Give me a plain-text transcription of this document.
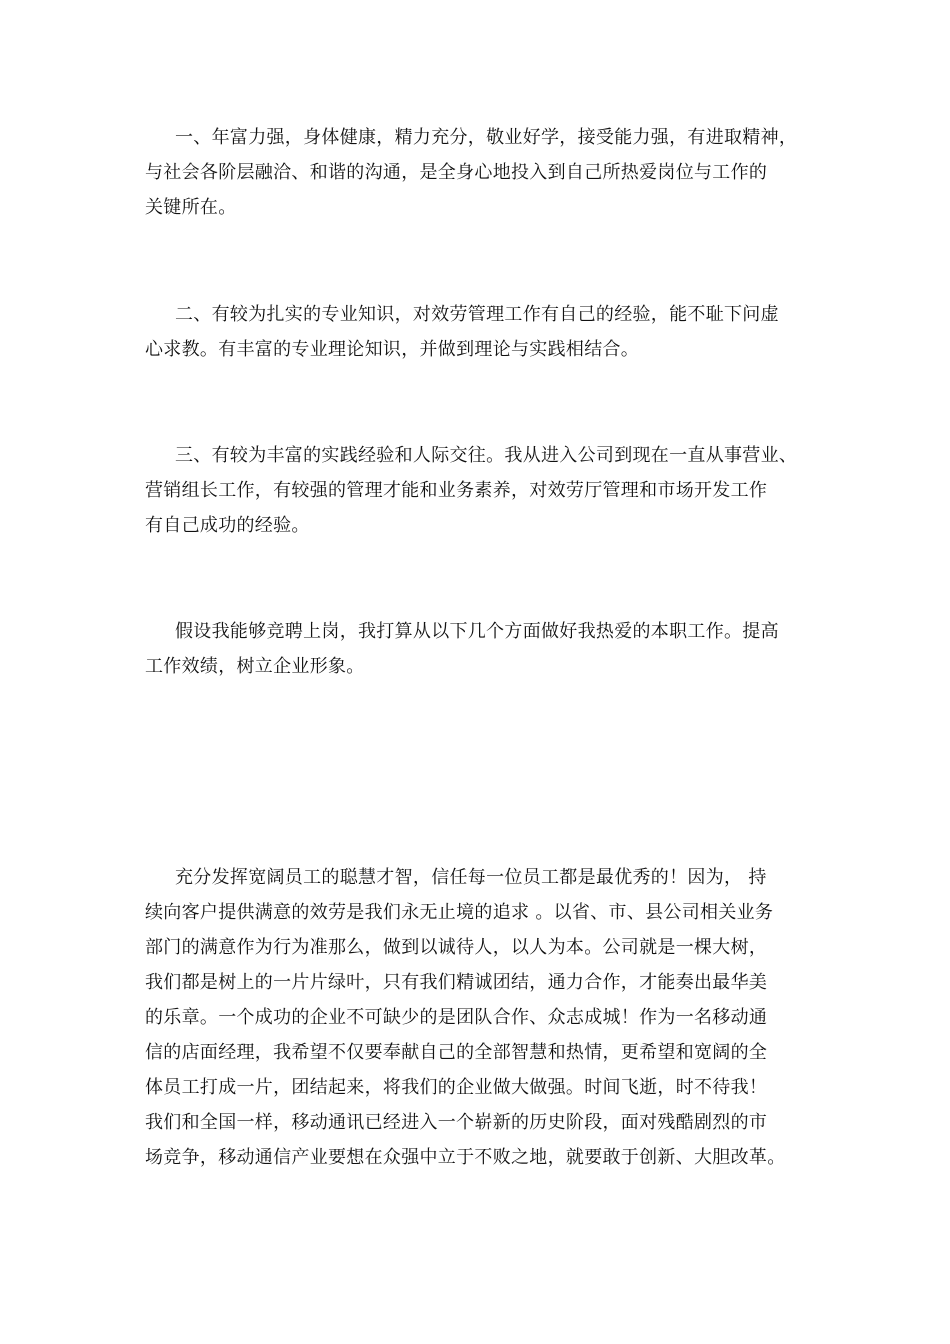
一、年富力强，身体健康，精力充分，敬业好学，接受能力强，有进取精神，
与社会各阶层融洽、和谐的沟通，是全身心地投入到自己所热爱岗位与工作的
关键所在。
二、有较为扎实的专业知识，对效劳管理工作有自己的经验，能不耻下问虚
心求教。有丰富的专业理论知识，并做到理论与实践相结合。
三、有较为丰富的实践经验和人际交往。我从进入公司到现在一直从事营业、
营销组长工作，有较强的管理才能和业务素养，对效劳厅管理和市场开发工作
有自己成功的经验。
假设我能够竞聘上岗，我打算从以下几个方面做好我热爱的本职工作。提高
工作效绩，树立企业形象。
充分发挥宽阔员工的聪慧才智，信任每一位员工都是最优秀的！因为， 持
续向客户提供满意的效劳是我们永无止境的追求 。以省、市、县公司相关业务
部门的满意作为行为准那么，做到以诚待人，以人为本。公司就是一棵大树，
我们都是树上的一片片绿叶，只有我们精诚团结，通力合作，才能奏出最华美
的乐章。一个成功的企业不可缺少的是团队合作、众志成城！作为一名移动通
信的店面经理，我希望不仅要奉献自己的全部智慧和热情，更希望和宽阔的全
体员工打成一片，团结起来，将我们的企业做大做强。时间飞逝，时不待我！
我们和全国一样，移动通讯已经进入一个崭新的历史阶段，面对残酷剧烈的市
场竞争，移动通信产业要想在众强中立于不败之地，就要敢于创新、大胆改革。
